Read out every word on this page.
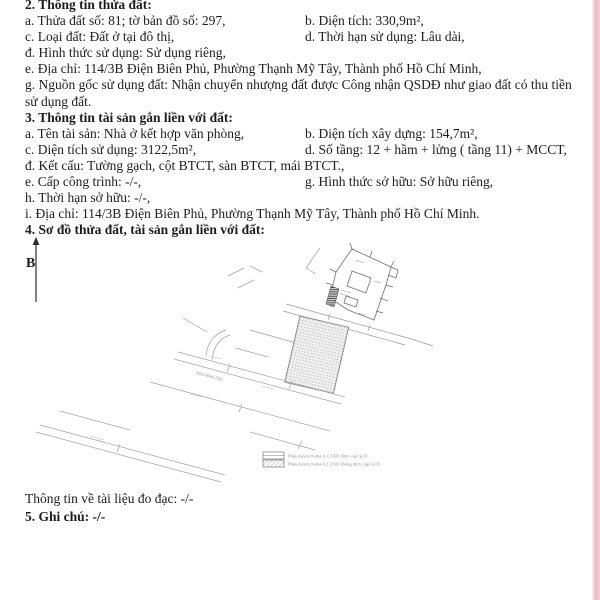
2. Thông tin thửa đất:
a. Thửa đất số: 81; tờ bản đồ số: 297,	b. Diện tích: 330,9m²,
c. Loại đất: Đất ở tại đô thị,	d. Thời hạn sử dụng: Lâu dài,
đ. Hình thức sử dụng: Sử dụng riêng,
e. Địa chỉ: 114/3B Điện Biên Phủ, Phường Thạnh Mỹ Tây, Thành phố Hồ Chí Minh,
g. Nguồn gốc sử dụng đất: Nhận chuyển nhượng đất được Công nhận QSDĐ như giao đất có thu tiền sử dụng đất.
3. Thông tin tài sản gắn liền với đất:
a. Tên tài sản: Nhà ở kết hợp văn phòng,	b. Diện tích xây dựng: 154,7m²,
c. Diện tích sử dụng: 3122,5m²,	d. Số tầng: 12 + hầm + lửng ( tầng 11) + MCCT,
đ. Kết cấu: Tường gạch, cột BTCT, sàn BTCT, mái BTCT.,
e. Cấp công trình: -/-,	g. Hình thức sở hữu: Sở hữu riêng,
h. Thời hạn sở hữu: -/-,
i. Địa chỉ: 114/3B Điện Biên Phủ, Phường Thạnh Mỹ Tây, Thành phố Hồ Chí Minh.
4. Sơ đồ thửa đất, tài sản gắn liền với đất:
B
Điện Biên Phủ
Phần diện tích nhà ở, CTXD được cấp GCN
Phần diện tích nhà ở, CTXD không được cấp GCN
Thông tin về tài liệu đo đạc: -/-
5. Ghi chú: -/-
